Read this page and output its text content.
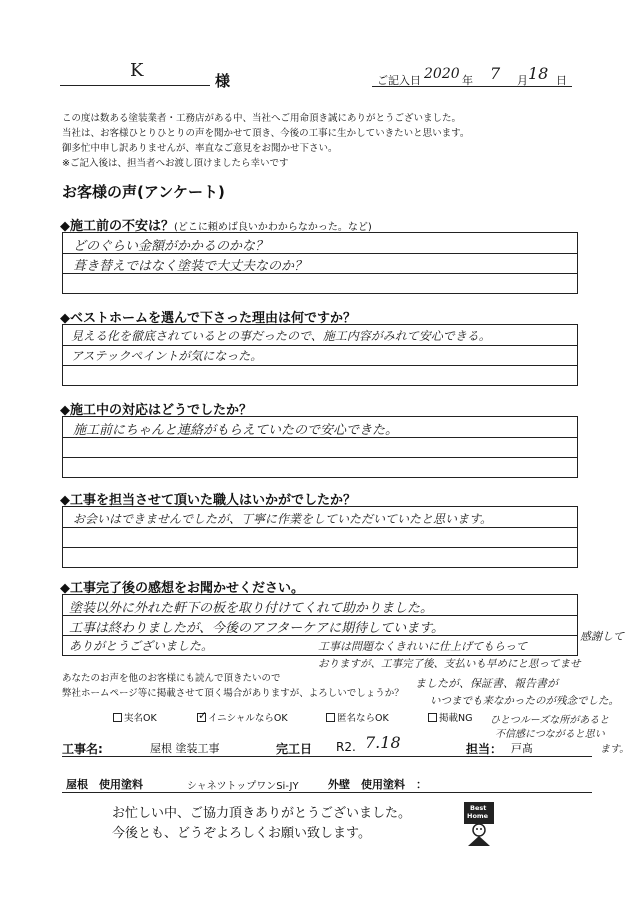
K	様	ご記入日 2020 年 7 月 18 日
この度は数ある塗装業者・工務店がある中、当社へご用命頂き誠にありがとうございました。
当社は、お客様ひとりひとりの声を聞かせて頂き、今後の工事に生かしていきたいと思います。
御多忙中申し訳ありませんが、率直なご意見をお聞かせ下さい。
※ご記入後は、担当者へお渡し頂けましたら幸いです
お客様の声(アンケート)
◆施工前の不安は？(どこに頼めば良いかわからなかった。など)
どのぐらい金額がかかるのかな？
葺き替えではなく塗装で大丈夫なのか？
◆ベストホームを選んで下さった理由は何ですか？
見える化を徹底されているとの事だったので、施工内容がみれて安心できる。
アステックペイントが気になった。
◆施工中の対応はどうでしたか？
施工前にちゃんと連絡がもらえていたので安心できた。
◆工事を担当させて頂いた職人はいかがでしたか？
お会いはできませんでしたが、丁寧に作業をしていただいていたと思います。
◆工事完了後の感想をお聞かせください。
塗装以外に外れた軒下の板を取り付けてくれて助かりました。
工事は終わりましたが、今後のアフターケアに期待しています。
ありがとうございました。	工事は問題なくきれいに仕上げてもらって
感謝して
おりますが、工事完了後、支払いも早めにと思ってませ
ましたが、保証書、報告書が
いつまでも来なかったのが残念でした。
ひとつルーズな所があると
不信感につながると思い
ます。
あなたのお声を他のお客様にも読んで頂きたいので
弊社ホームページ等に掲載させて頂く場合がありますが、よろしいでしょうか？
実名OK	✓ イニシャルならOK	匿名ならOK	掲載NG
工事名:	屋根 塗装工事	完工日 R2. 7.18	担当： 戸髙
屋根　使用塗料	シャネツトップワンSi-JY	外壁　使用塗料　：
お忙しい中、ご協力頂きありがとうございました。
今後とも、どうぞよろしくお願い致します。
Best
Home
